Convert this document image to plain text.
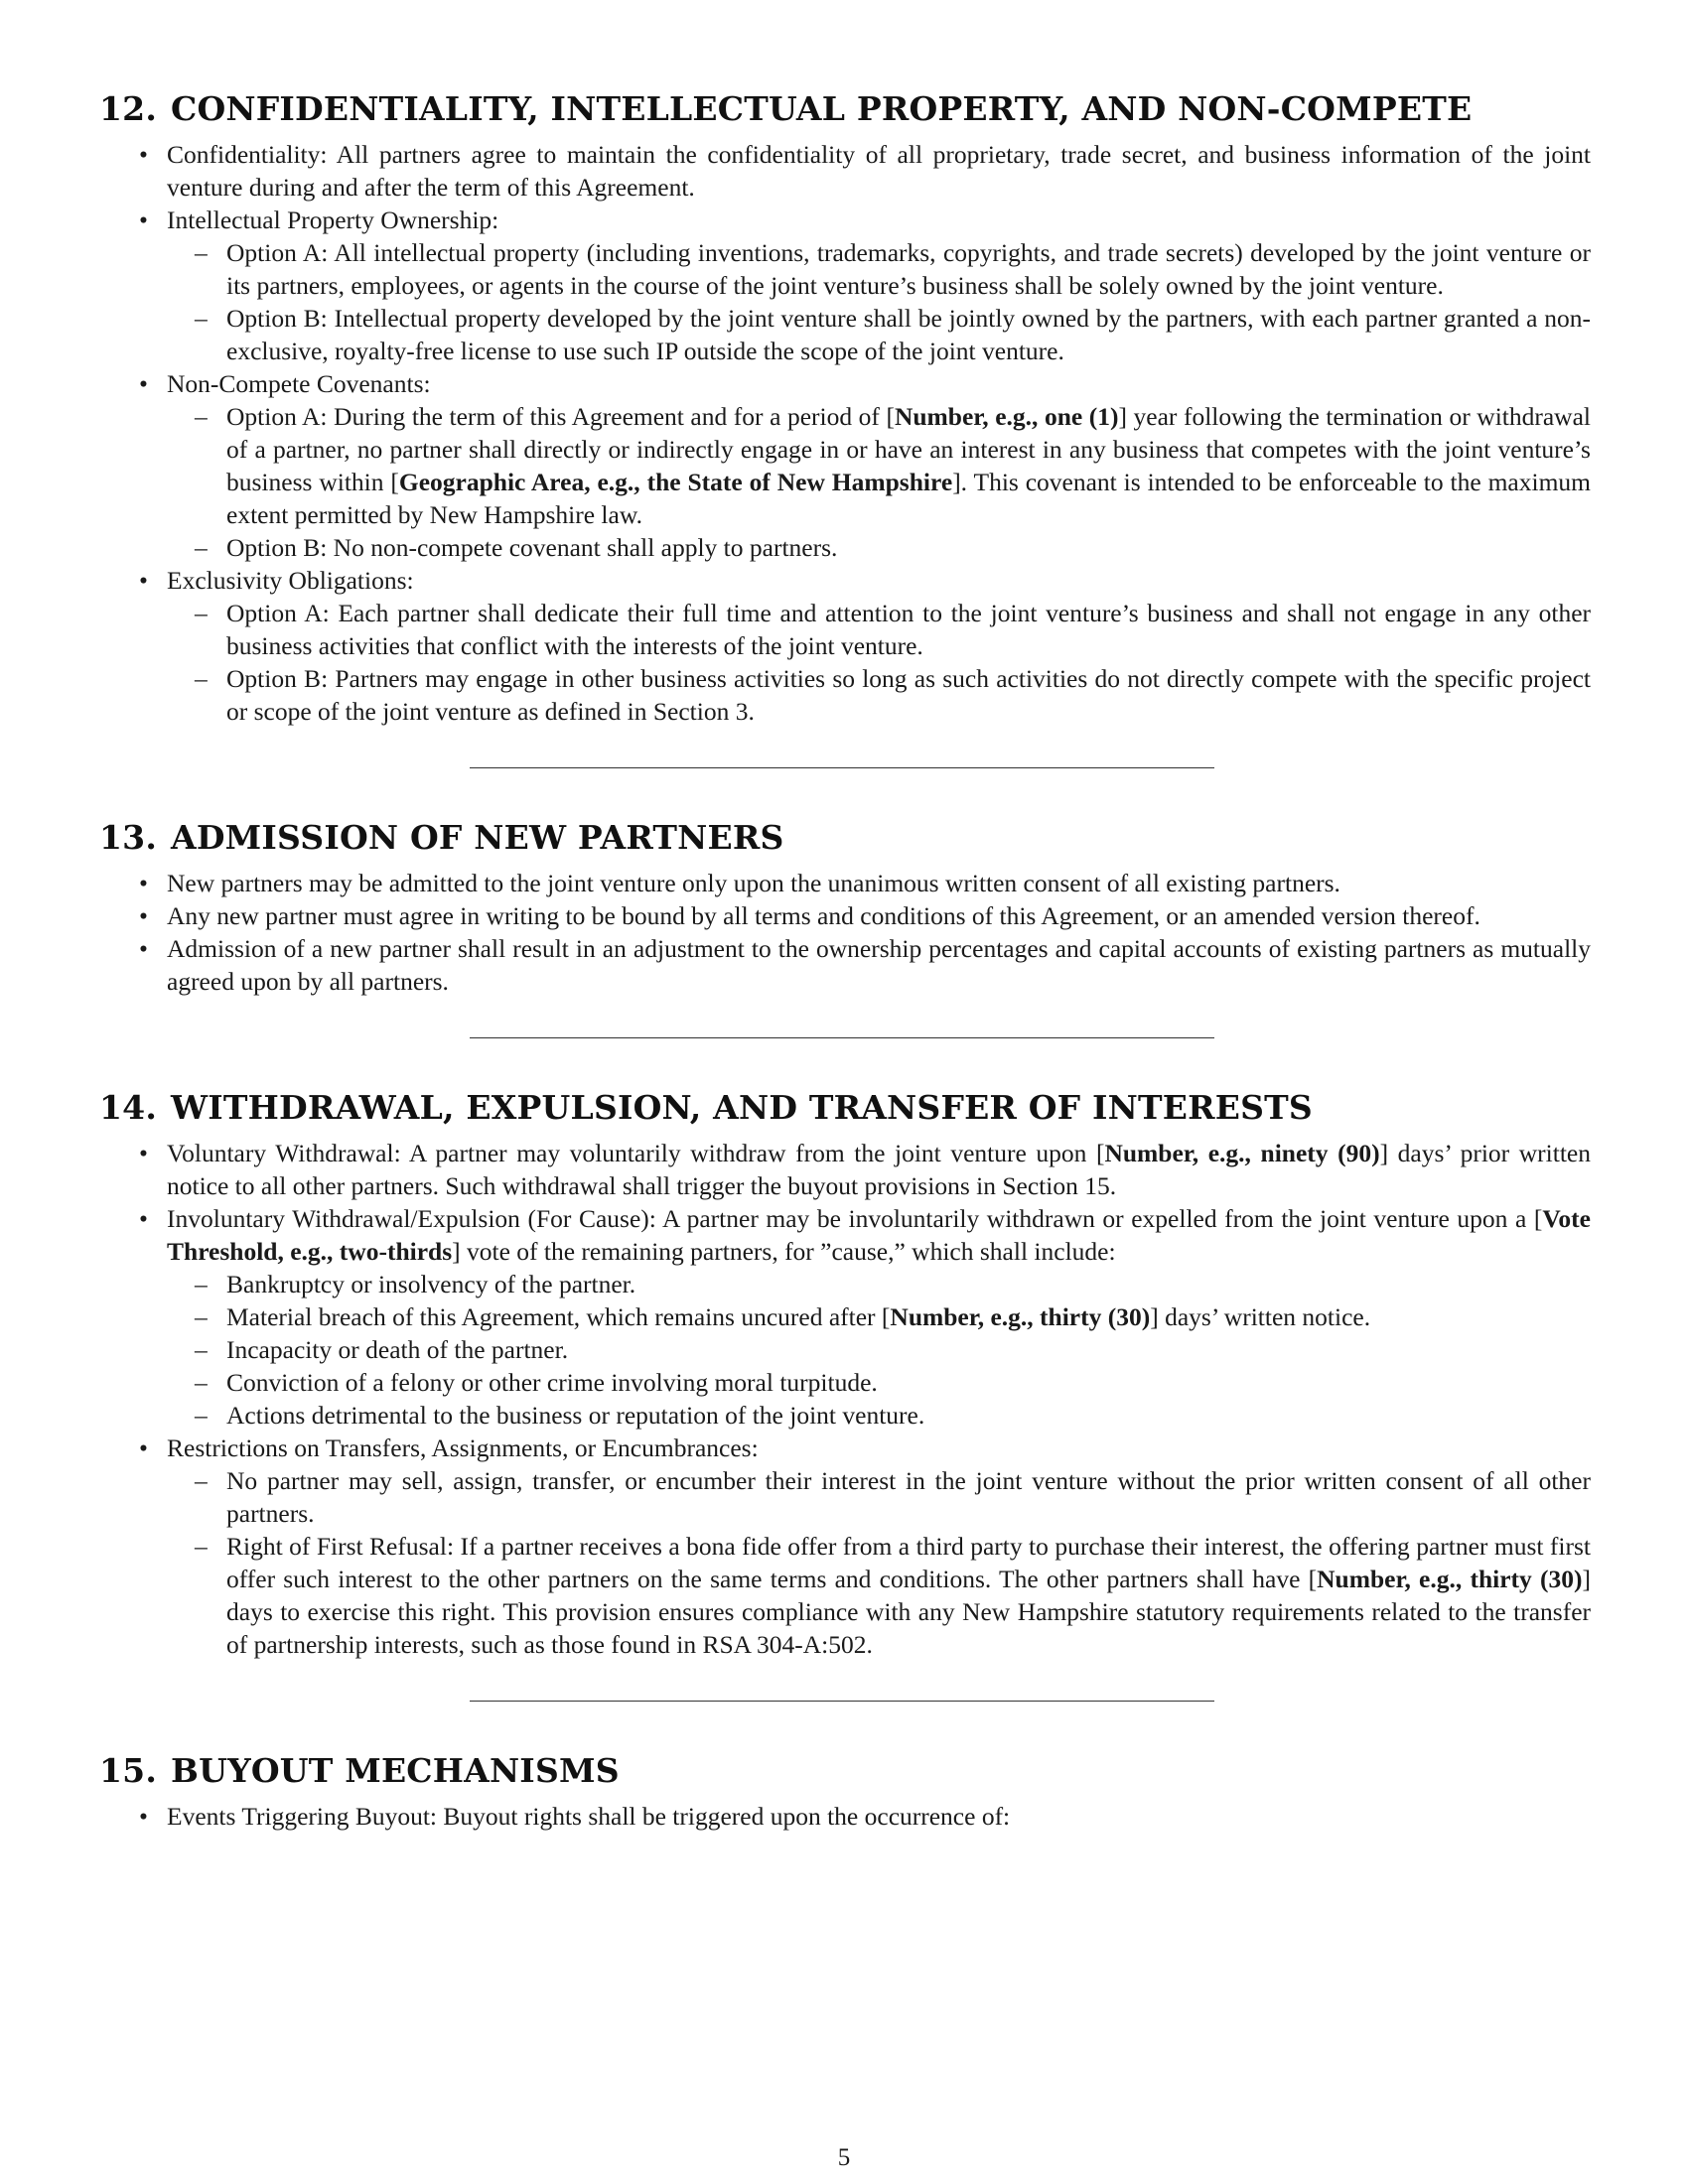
12. CONFIDENTIALITY, INTELLECTUAL PROPERTY, AND NON-COMPETE
• Confidentiality: All partners agree to maintain the confidentiality of all proprietary, trade secret, and business information of the joint venture during and after the term of this Agreement.
• Intellectual Property Ownership:
– Option A: All intellectual property (including inventions, trademarks, copyrights, and trade secrets) developed by the joint venture or its partners, employees, or agents in the course of the joint venture’s business shall be solely owned by the joint venture.
– Option B: Intellectual property developed by the joint venture shall be jointly owned by the partners, with each partner granted a non-exclusive, royalty-free license to use such IP outside the scope of the joint venture.
• Non-Compete Covenants:
– Option A: During the term of this Agreement and for a period of [Number, e.g., one (1)] year following the termination or withdrawal of a partner, no partner shall directly or indirectly engage in or have an interest in any business that competes with the joint venture’s business within [Geographic Area, e.g., the State of New Hampshire]. This covenant is intended to be enforceable to the maximum extent permitted by New Hampshire law.
– Option B: No non-compete covenant shall apply to partners.
• Exclusivity Obligations:
– Option A: Each partner shall dedicate their full time and attention to the joint venture’s business and shall not engage in any other business activities that conflict with the interests of the joint venture.
– Option B: Partners may engage in other business activities so long as such activities do not directly compete with the specific project or scope of the joint venture as defined in Section 3.
13. ADMISSION OF NEW PARTNERS
• New partners may be admitted to the joint venture only upon the unanimous written consent of all existing partners.
• Any new partner must agree in writing to be bound by all terms and conditions of this Agreement, or an amended version thereof.
• Admission of a new partner shall result in an adjustment to the ownership percentages and capital accounts of existing partners as mutually agreed upon by all partners.
14. WITHDRAWAL, EXPULSION, AND TRANSFER OF INTERESTS
• Voluntary Withdrawal: A partner may voluntarily withdraw from the joint venture upon [Number, e.g., ninety (90)] days’ prior written notice to all other partners. Such withdrawal shall trigger the buyout provisions in Section 15.
• Involuntary Withdrawal/Expulsion (For Cause): A partner may be involuntarily withdrawn or expelled from the joint venture upon a [Vote Threshold, e.g., two-thirds] vote of the remaining partners, for ”cause,” which shall include:
– Bankruptcy or insolvency of the partner.
– Material breach of this Agreement, which remains uncured after [Number, e.g., thirty (30)] days’ written notice.
– Incapacity or death of the partner.
– Conviction of a felony or other crime involving moral turpitude.
– Actions detrimental to the business or reputation of the joint venture.
• Restrictions on Transfers, Assignments, or Encumbrances:
– No partner may sell, assign, transfer, or encumber their interest in the joint venture without the prior written consent of all other partners.
– Right of First Refusal: If a partner receives a bona fide offer from a third party to purchase their interest, the offering partner must first offer such interest to the other partners on the same terms and conditions. The other partners shall have [Number, e.g., thirty (30)] days to exercise this right. This provision ensures compliance with any New Hampshire statutory requirements related to the transfer of partnership interests, such as those found in RSA 304-A:502.
15. BUYOUT MECHANISMS
• Events Triggering Buyout: Buyout rights shall be triggered upon the occurrence of:
5
